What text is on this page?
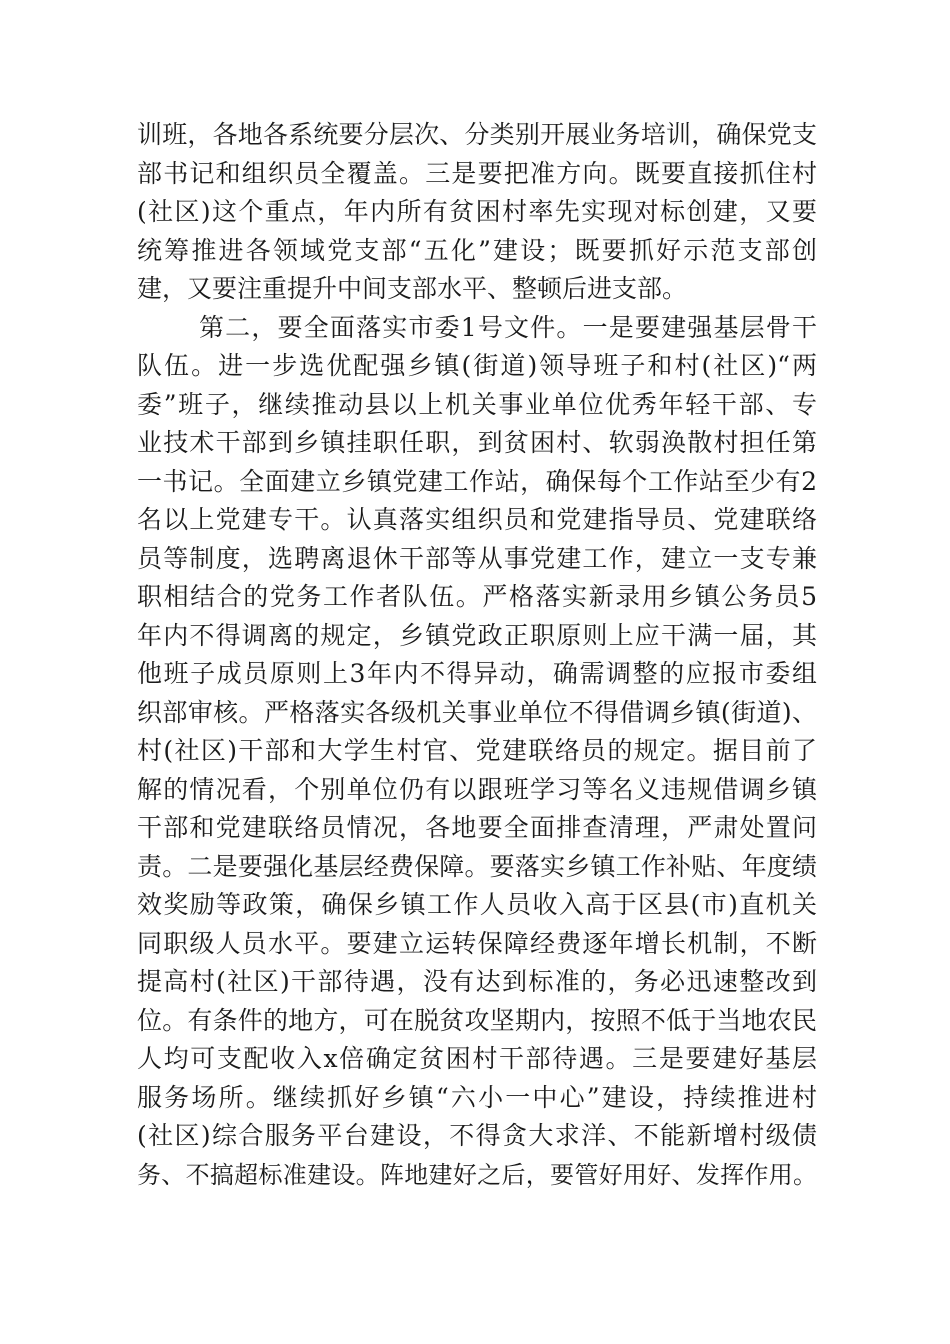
训班，各地各系统要分层次、分类别开展业务培训，确保党支
部书记和组织员全覆盖。三是要把准方向。既要直接抓住村
(社区)这个重点，年内所有贫困村率先实现对标创建，又要
统筹推进各领域党支部“五化”建设；既要抓好示范支部创
建，又要注重提升中间支部水平、整顿后进支部。
第二，要全面落实市委1号文件。一是要建强基层骨干
队伍。进一步选优配强乡镇(街道)领导班子和村(社区)“两
委”班子，继续推动县以上机关事业单位优秀年轻干部、专
业技术干部到乡镇挂职任职，到贫困村、软弱涣散村担任第
一书记。全面建立乡镇党建工作站，确保每个工作站至少有2
名以上党建专干。认真落实组织员和党建指导员、党建联络
员等制度，选聘离退休干部等从事党建工作，建立一支专兼
职相结合的党务工作者队伍。严格落实新录用乡镇公务员5
年内不得调离的规定，乡镇党政正职原则上应干满一届，其
他班子成员原则上3年内不得异动，确需调整的应报市委组
织部审核。严格落实各级机关事业单位不得借调乡镇(街道)、
村(社区)干部和大学生村官、党建联络员的规定。据目前了
解的情况看，个别单位仍有以跟班学习等名义违规借调乡镇
干部和党建联络员情况，各地要全面排查清理，严肃处置问
责。二是要强化基层经费保障。要落实乡镇工作补贴、年度绩
效奖励等政策，确保乡镇工作人员收入高于区县(市)直机关
同职级人员水平。要建立运转保障经费逐年增长机制，不断
提高村(社区)干部待遇，没有达到标准的，务必迅速整改到
位。有条件的地方，可在脱贫攻坚期内，按照不低于当地农民
人均可支配收入x倍确定贫困村干部待遇。三是要建好基层
服务场所。继续抓好乡镇“六小一中心”建设，持续推进村
(社区)综合服务平台建设，不得贪大求洋、不能新增村级债
务、不搞超标准建设。阵地建好之后，要管好用好、发挥作用。
